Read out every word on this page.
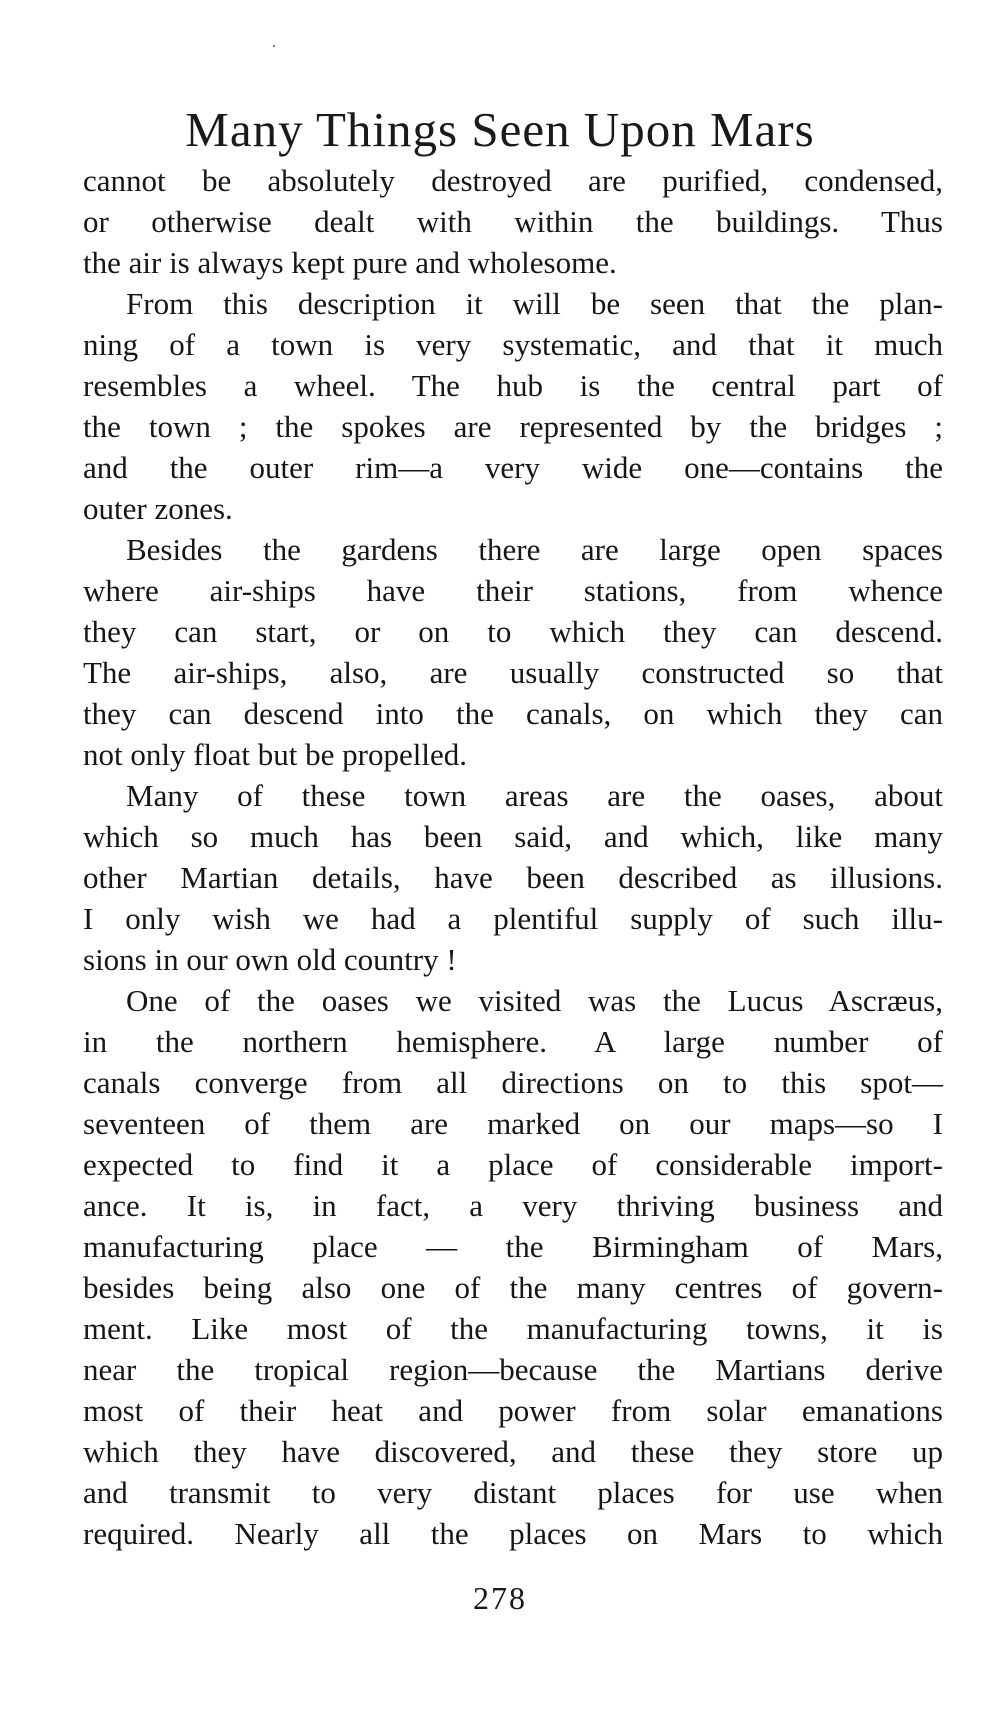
Many Things Seen Upon Mars
cannot be absolutely destroyed are purified, condensed,
or otherwise dealt with within the buildings. Thus
the air is always kept pure and wholesome.
From this description it will be seen that the plan-
ning of a town is very systematic, and that it much
resembles a wheel. The hub is the central part of
the town ; the spokes are represented by the bridges ;
and the outer rim—a very wide one—contains the
outer zones.
Besides the gardens there are large open spaces
where air-ships have their stations, from whence
they can start, or on to which they can descend.
The air-ships, also, are usually constructed so that
they can descend into the canals, on which they can
not only float but be propelled.
Many of these town areas are the oases, about
which so much has been said, and which, like many
other Martian details, have been described as illusions.
I only wish we had a plentiful supply of such illu-
sions in our own old country !
One of the oases we visited was the Lucus Ascræus,
in the northern hemisphere. A large number of
canals converge from all directions on to this spot—
seventeen of them are marked on our maps—so I
expected to find it a place of considerable import-
ance. It is, in fact, a very thriving business and
manufacturing place — the Birmingham of Mars,
besides being also one of the many centres of govern-
ment. Like most of the manufacturing towns, it is
near the tropical region—because the Martians derive
most of their heat and power from solar emanations
which they have discovered, and these they store up
and transmit to very distant places for use when
required. Nearly all the places on Mars to which
278
